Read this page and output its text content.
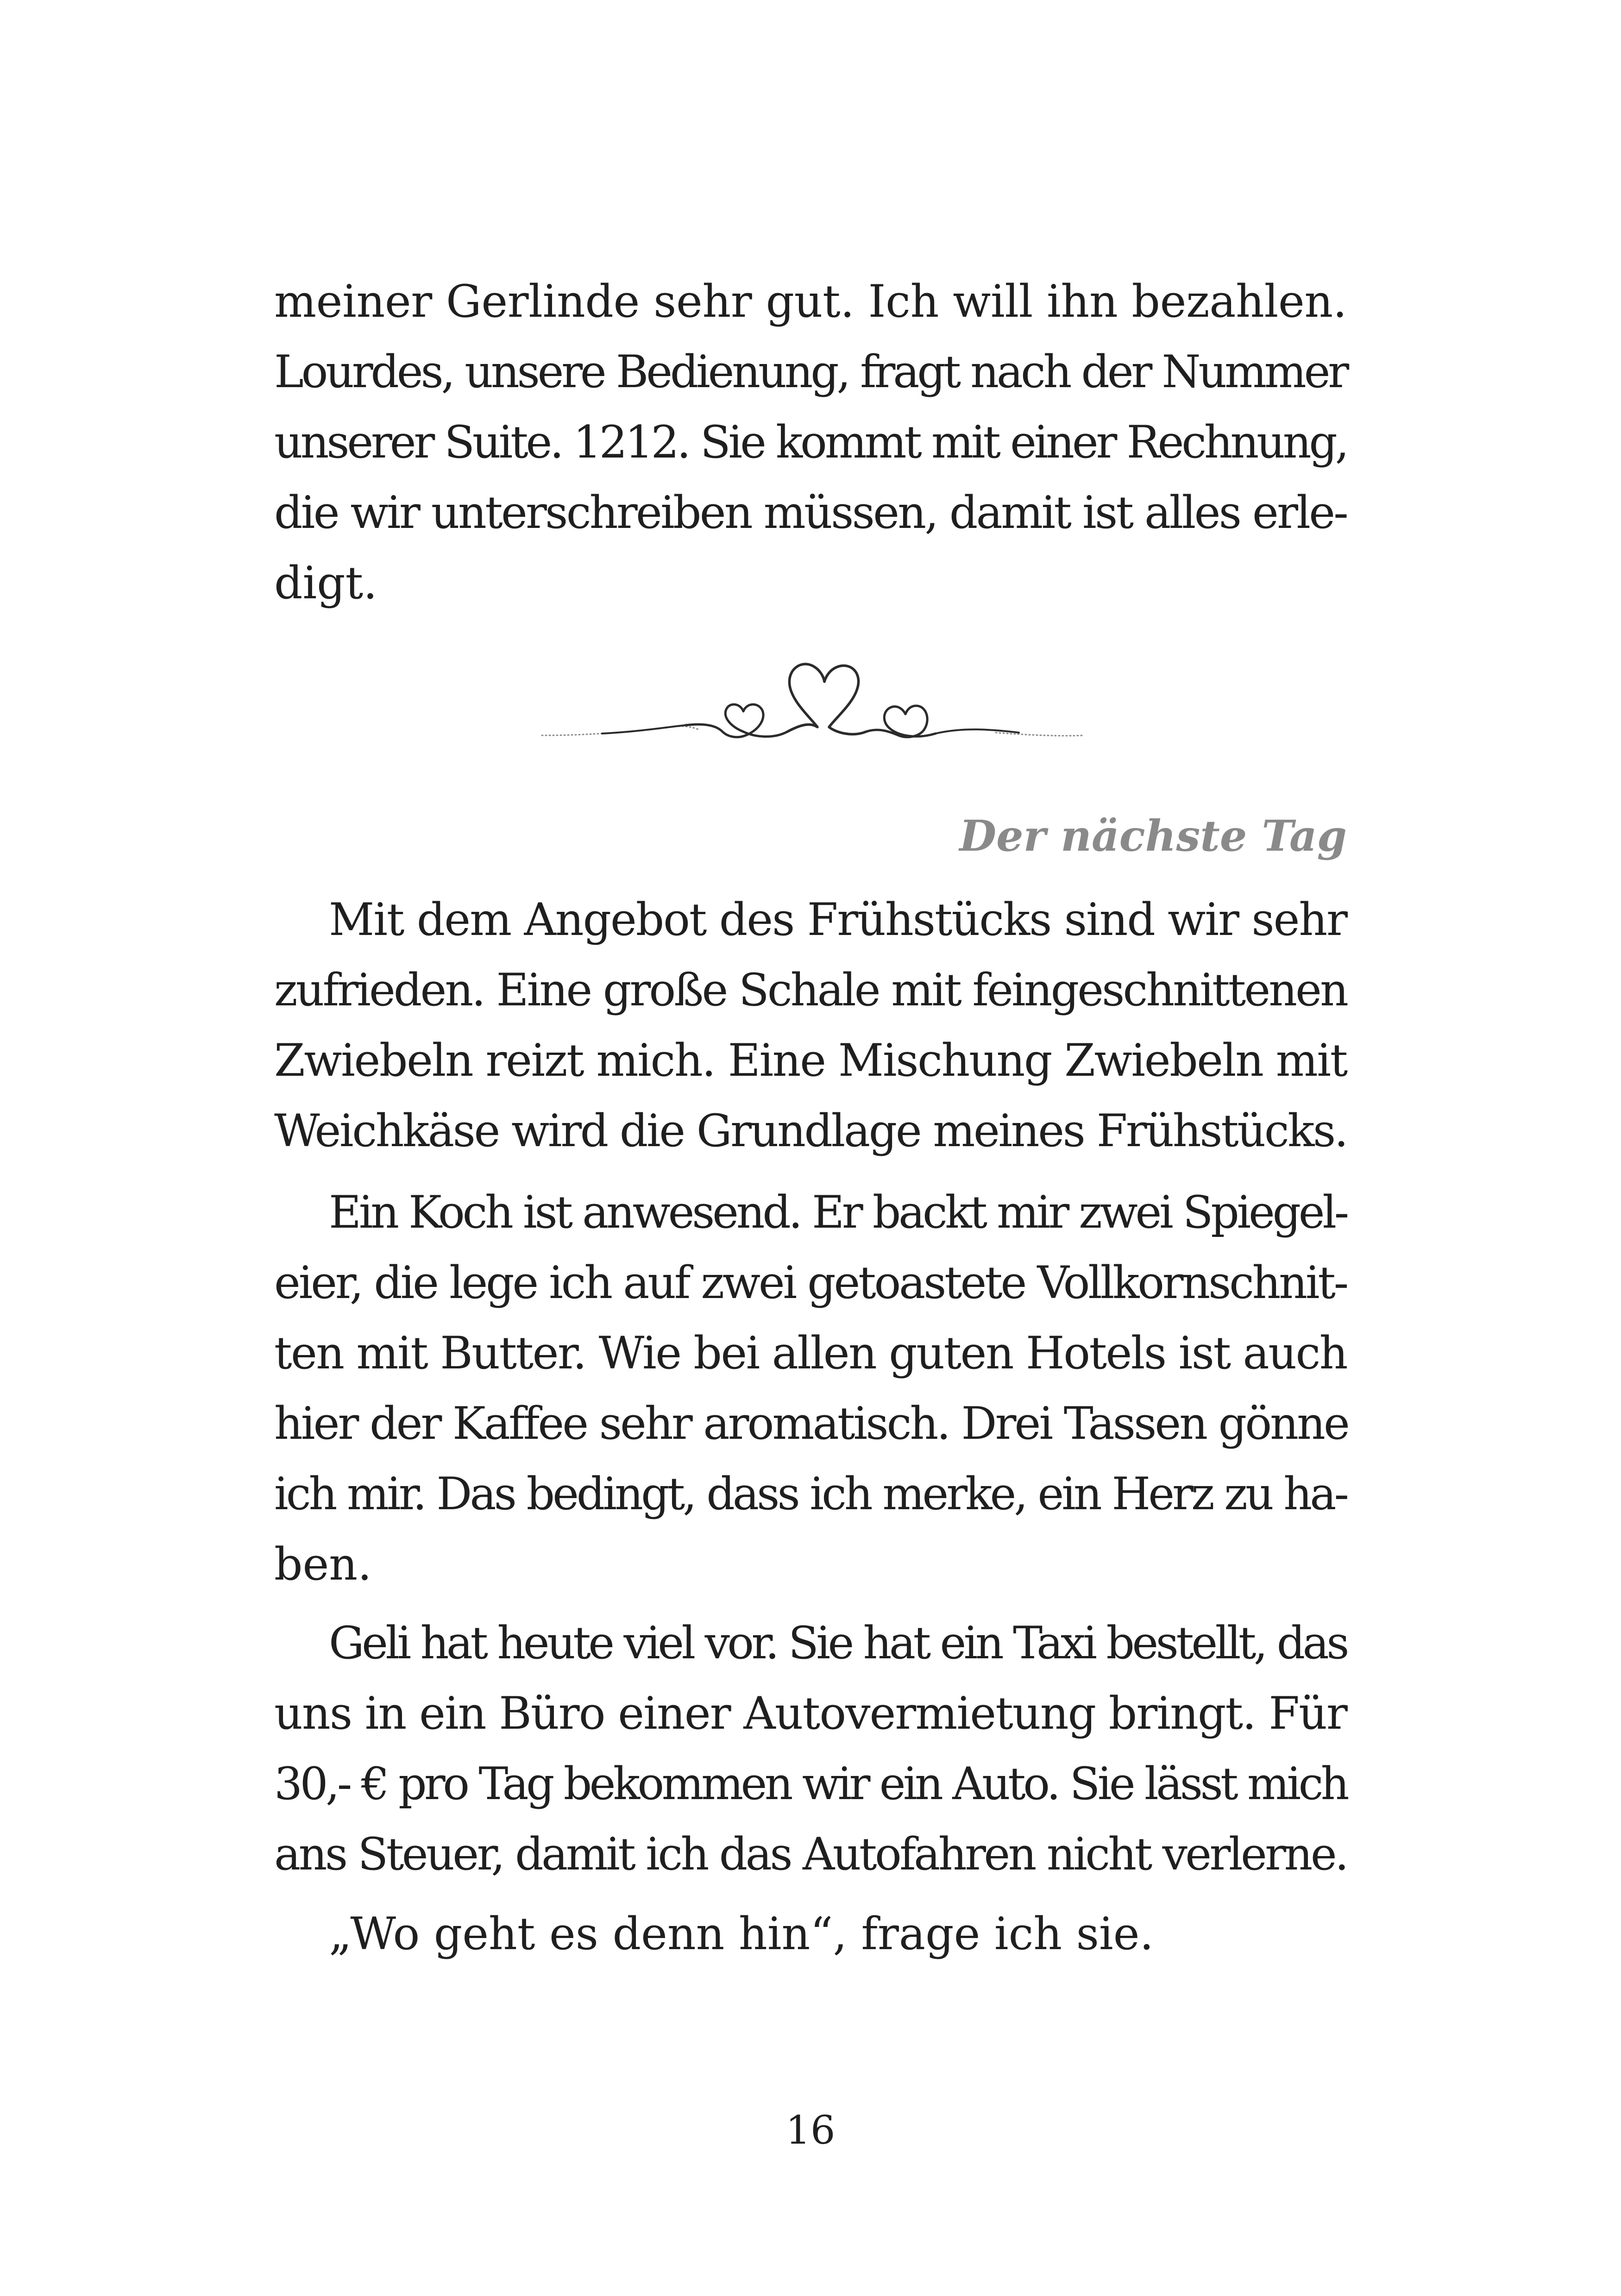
meiner Gerlinde sehr gut. Ich will ihn bezahlen.
Lourdes, unsere Bedienung, fragt nach der Nummer
unserer Suite. 1212. Sie kommt mit einer Rechnung,
die wir unterschreiben müssen, damit ist alles erle-
digt.

Der nächste Tag

Mit dem Angebot des Frühstücks sind wir sehr
zufrieden. Eine große Schale mit feingeschnittenen
Zwiebeln reizt mich. Eine Mischung Zwiebeln mit
Weichkäse wird die Grundlage meines Frühstücks.

Ein Koch ist anwesend. Er backt mir zwei Spiegel-
eier, die lege ich auf zwei getoastete Vollkornschnit-
ten mit Butter. Wie bei allen guten Hotels ist auch
hier der Kaffee sehr aromatisch. Drei Tassen gönne
ich mir. Das bedingt, dass ich merke, ein Herz zu ha-
ben.

Geli hat heute viel vor. Sie hat ein Taxi bestellt, das
uns in ein Büro einer Autovermietung bringt. Für
30,- € pro Tag bekommen wir ein Auto. Sie lässt mich
ans Steuer, damit ich das Autofahren nicht verlerne.

„Wo geht es denn hin“, frage ich sie.

16
